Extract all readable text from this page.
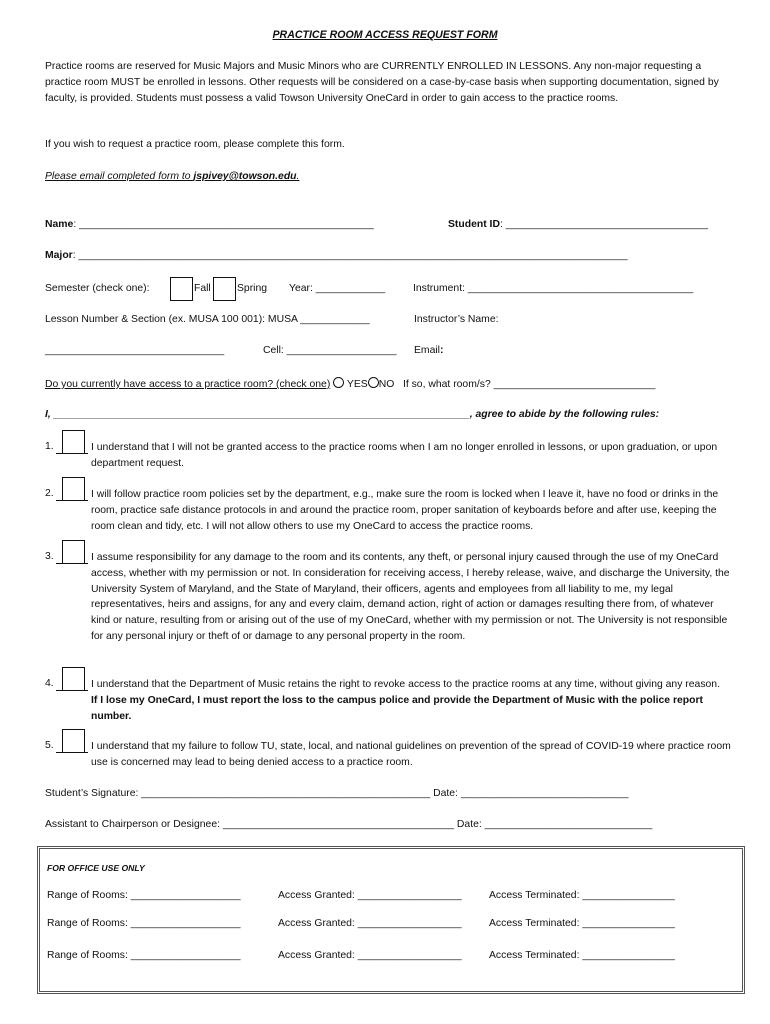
PRACTICE ROOM ACCESS REQUEST FORM
Practice rooms are reserved for Music Majors and Music Minors who are CURRENTLY ENROLLED IN LESSONS. Any non-major requesting a practice room MUST be enrolled in lessons. Other requests will be considered on a case-by-case basis when supporting documentation, signed by faculty, is provided. Students must possess a valid Towson University OneCard in order to gain access to the practice rooms.
If you wish to request a practice room, please complete this form.
Please email completed form to jspivey@towson.edu.
Name: ___________________________________________________	Student ID: ___________________________________
Major: _______________________________________________________________________________________________
Semester (check one):	Fall	Spring Year: ____________	Instrument: _______________________________________
Lesson Number & Section (ex. MUSA 100 001): MUSA ____________	Instructor’s Name:
_______________________________	Cell: ___________________ Email:
Do you currently have access to a practice room? (check one) YES NO If so, what room/s? ____________________________
I, ________________________________________________________________________, agree to abide by the following rules:
1.	I understand that I will not be granted access to the practice rooms when I am no longer enrolled in lessons, or upon graduation, or upon department request.
2.	I will follow practice room policies set by the department, e.g., make sure the room is locked when I leave it, have no food or drinks in the room, practice safe distance protocols in and around the practice room, proper sanitation of keyboards before and after use, keeping the room clean and tidy, etc. I will not allow others to use my OneCard to access the practice rooms.
3.	I assume responsibility for any damage to the room and its contents, any theft, or personal injury caused through the use of my OneCard access, whether with my permission or not. In consideration for receiving access, I hereby release, waive, and discharge the University, the University System of Maryland, and the State of Maryland, their officers, agents and employees from all liability to me, my legal representatives, heirs and assigns, for any and every claim, demand action, right of action or damages resulting there from, of whatever kind or nature, resulting from or arising out of the use of my OneCard, whether with my permission or not. The University is not responsible for any personal injury or theft of or damage to any personal property in the room.
4.	I understand that the Department of Music retains the right to revoke access to the practice rooms at any time, without giving any reason.  If I lose my OneCard, I must report the loss to the campus police and provide the Department of Music with the police report number.
5.	I understand that my failure to follow TU, state, local, and national guidelines on prevention of the spread of COVID-19 where practice room use is concerned may lead to being denied access to a practice room.
Student’s Signature: __________________________________________________ Date: _____________________________
Assistant to Chairperson or Designee: ________________________________________ Date: _____________________________
FOR OFFICE USE ONLY
Range of Rooms: ___________________	Access Granted: __________________	Access Terminated: ________________
Range of Rooms: ___________________	Access Granted: __________________	Access Terminated: ________________
Range of Rooms: ___________________	Access Granted: __________________	Access Terminated: ________________
